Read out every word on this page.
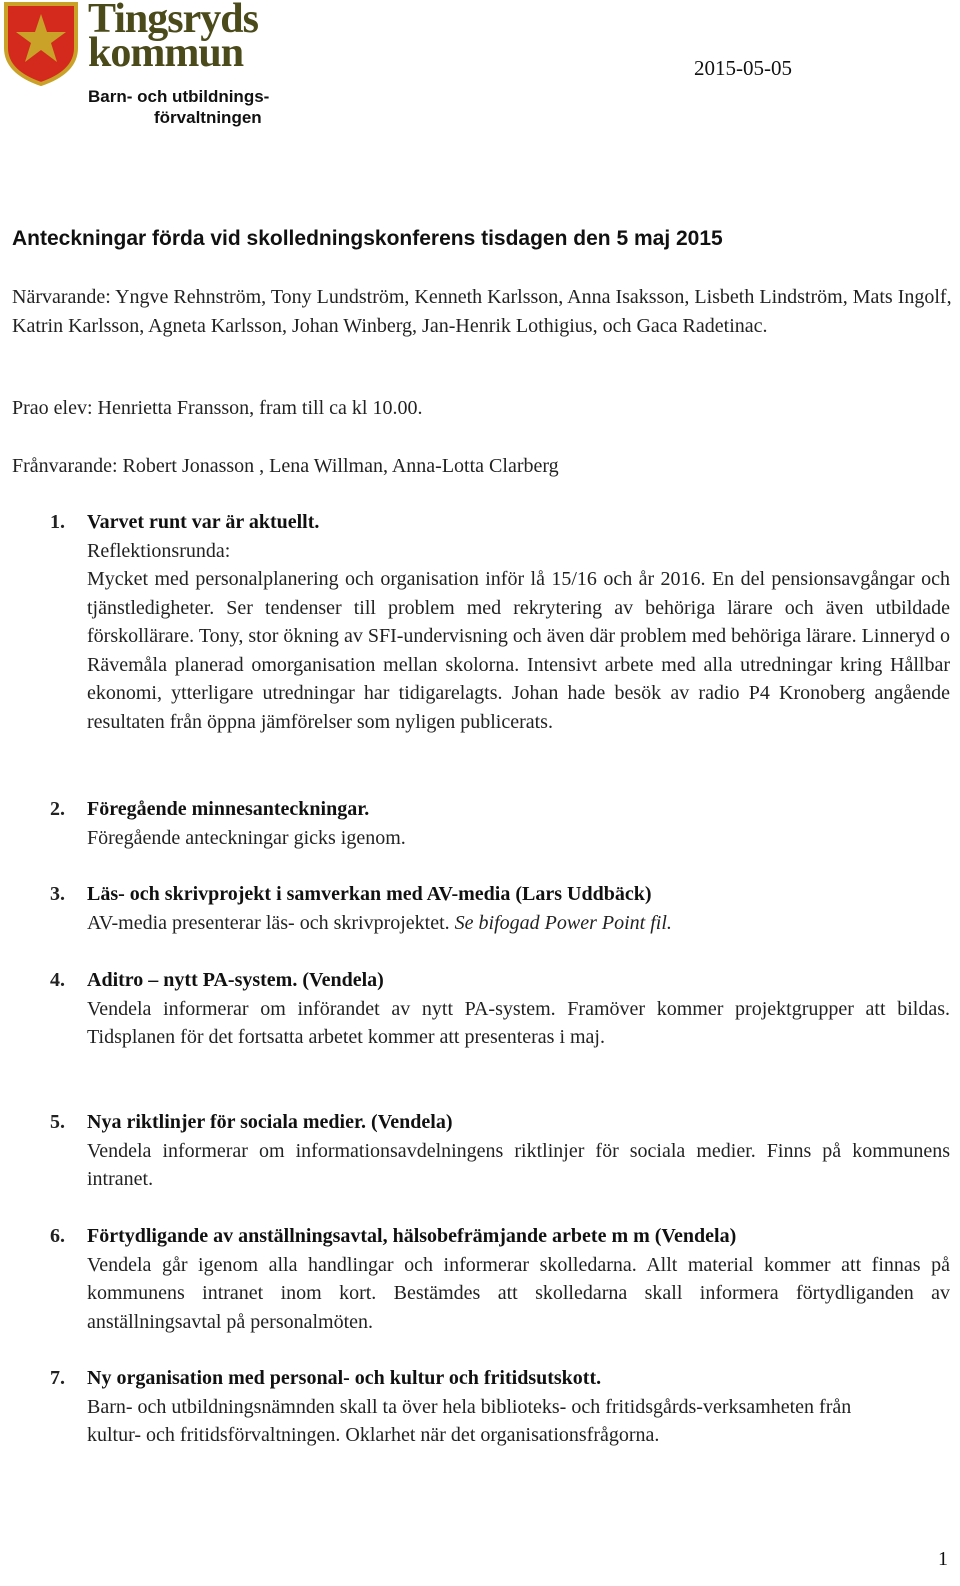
Tingsryds
kommun
Barn- och utbildnings-
förvaltningen
2015-05-05
Anteckningar förda vid skolledningskonferens tisdagen den 5 maj 2015
Närvarande: Yngve Rehnström, Tony Lundström, Kenneth Karlsson, Anna Isaksson, Lisbeth Lindström, Mats Ingolf, Katrin Karlsson, Agneta Karlsson, Johan Winberg, Jan-Henrik Lothigius, och Gaca Radetinac.
Prao elev: Henrietta Fransson, fram till ca kl 10.00.
Frånvarande: Robert Jonasson , Lena Willman, Anna-Lotta Clarberg
1. Varvet runt var är aktuellt.
Reflektionsrunda:
Mycket med personalplanering och organisation inför lå 15/16 och år 2016. En del pensionsavgångar och tjänstledigheter. Ser tendenser till problem med rekrytering av behöriga lärare och även utbildade förskollärare. Tony, stor ökning av SFI-undervisning och även där problem med behöriga lärare. Linneryd o Rävemåla planerad omorganisation mellan skolorna. Intensivt arbete med alla utredningar kring Hållbar ekonomi, ytterligare utredningar har tidigarelagts. Johan hade besök av radio P4 Kronoberg angående resultaten från öppna jämförelser som nyligen publicerats.
2. Föregående minnesanteckningar.
Föregående anteckningar gicks igenom.
3. Läs- och skrivprojekt i samverkan med AV-media (Lars Uddbäck)
AV-media presenterar läs- och skrivprojektet. Se bifogad Power Point fil.
4. Aditro – nytt PA-system. (Vendela)
Vendela informerar om införandet av nytt PA-system. Framöver kommer projektgrupper att bildas. Tidsplanen för det fortsatta arbetet kommer att presenteras i maj.
5. Nya riktlinjer för sociala medier. (Vendela)
Vendela informerar om informationsavdelningens riktlinjer för sociala medier. Finns på kommunens intranet.
6. Förtydligande av anställningsavtal, hälsobefrämjande arbete m m (Vendela)
Vendela går igenom alla handlingar och informerar skolledarna. Allt material kommer att finnas på kommunens intranet inom kort. Bestämdes att skolledarna skall informera förtydliganden av anställningsavtal på personalmöten.
7. Ny organisation med personal- och kultur och fritidsutskott.
Barn- och utbildningsnämnden skall ta över hela biblioteks- och fritidsgårds-verksamheten från kultur- och fritidsförvaltningen. Oklarhet när det organisationsfrågorna.
1
